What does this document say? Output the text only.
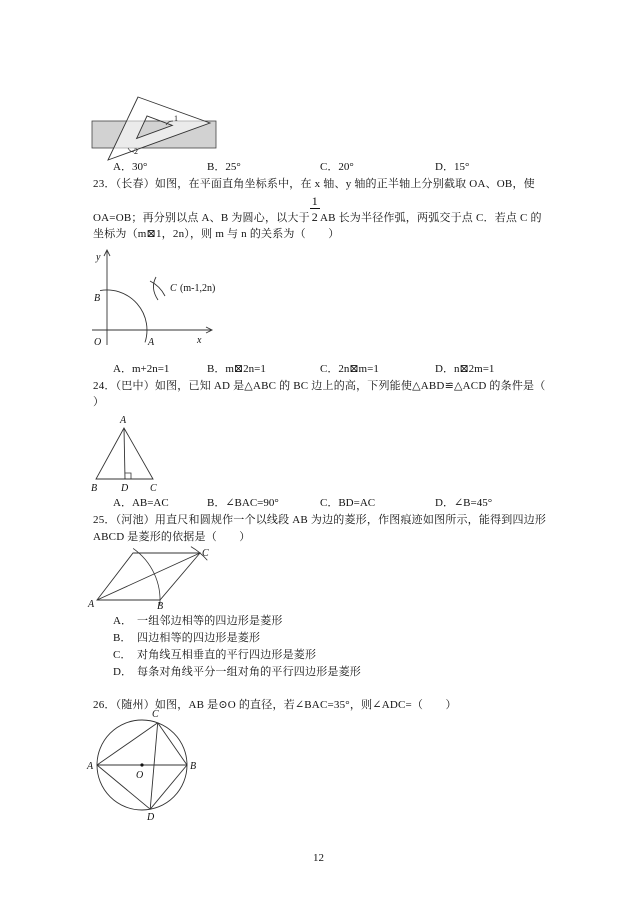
1
2
A．30°	B．25°	C．20°	D．15°
23．（长春）如图，在平面直角坐标系中，在 x 轴、y 轴的正半轴上分别截取 OA、OB，使
OA=OB；再分别以点 A、B 为圆心，以大于 $\frac{1}{2}AB$ 长为半径作弧，两弧交于点 C．若点 C 的
坐标为（m⊠1，2n），则 m 与 n 的关系为（　　）
y
B
O	A	x
C (m-1,2n)
A．m+2n=1	B．m⊠2n=1	C．2n⊠m=1	D．n⊠2m=1
24．（巴中）如图，已知 AD 是△ABC 的 BC 边上的高，下列能使△ABD≌△ACD 的条件是（
）
A
B D C
A．AB=AC	B．∠BAC=90°	C．BD=AC	D．∠B=45°
25．（河池）用直尺和圆规作一个以线段 AB 为边的菱形，作图痕迹如图所示，能得到四边形
ABCD 是菱形的依据是（　　）
A	B
C
A． 一组邻边相等的四边形是菱形
B． 四边相等的四边形是菱形
C． 对角线互相垂直的平行四边形是菱形
D． 每条对角线平分一组对角的平行四边形是菱形
26．（随州）如图，AB 是⊙O 的直径，若∠BAC=35°，则∠ADC=（　　）
C
A	B
O
D
12
